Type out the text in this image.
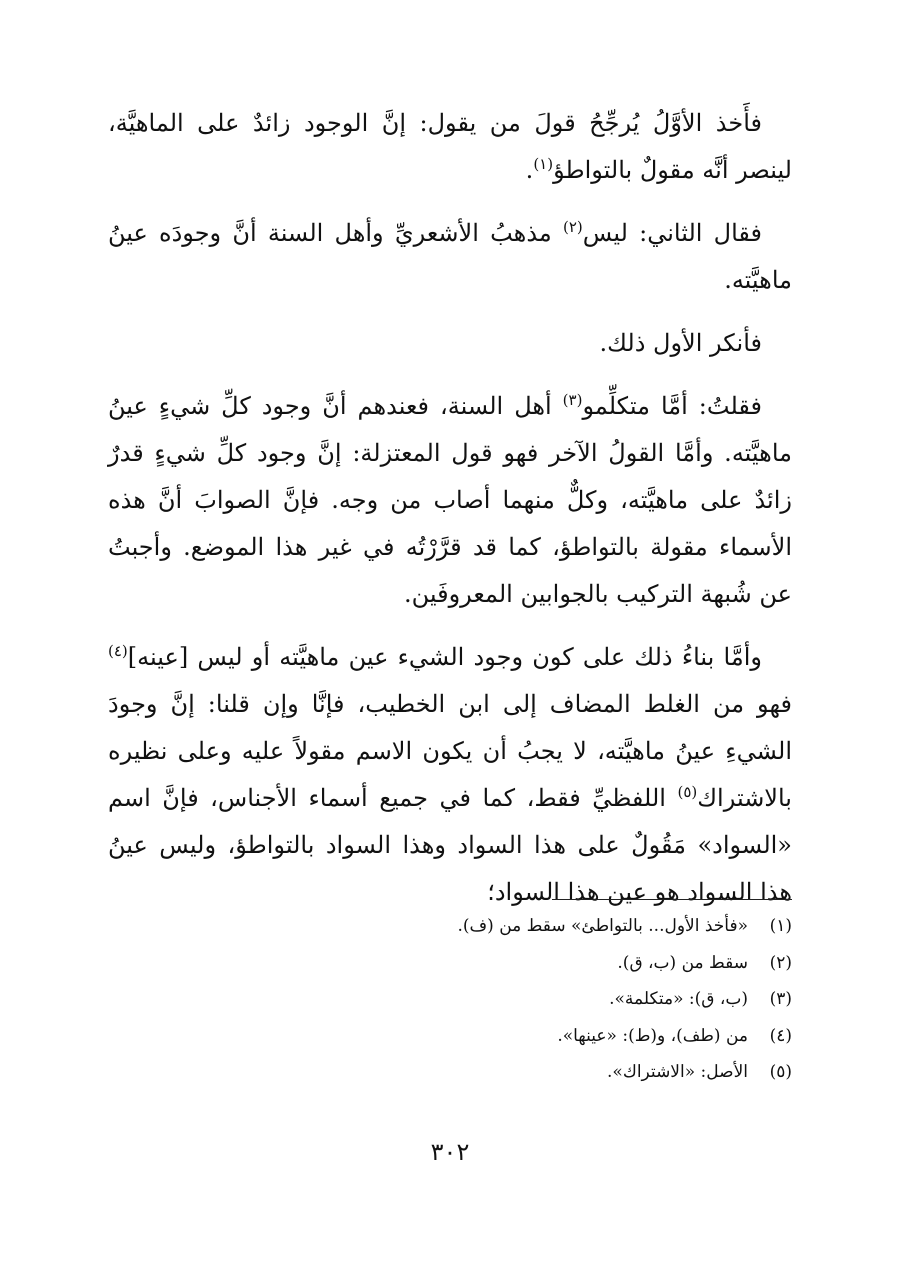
فأَخذ الأوَّلُ يُرجِّحُ قولَ من يقول: إنَّ الوجود زائدٌ على الماهيَّة، لينصر أنَّه مقولٌ بالتواطؤ$^{(١)}$.

فقال الثاني: ليس$^{(٢)}$ مذهبُ الأشعريِّ وأهل السنة أنَّ وجودَه عينُ ماهيَّته.

فأنكر الأول ذلك.

فقلتُ: أمَّا متكلِّمو$^{(٣)}$ أهل السنة، فعندهم أنَّ وجود كلِّ شيءٍ عينُ ماهيَّته. وأمَّا القولُ الآخر فهو قول المعتزلة: إنَّ وجود كلِّ شيءٍ قدرٌ زائدٌ على ماهيَّته، وكلٌّ منهما أصاب من وجه. فإنَّ الصوابَ أنَّ هذه الأسماء مقولة بالتواطؤ، كما قد قرَّرْتُه في غير هذا الموضع. وأجبتُ عن شُبهة التركيب بالجوابين المعروفَين.

وأمَّا بناءُ ذلك على كون وجود الشيء عين ماهيَّته أو ليس [عينه]$^{(٤)}$ فهو من الغلط المضاف إلى ابن الخطيب، فإنَّا وإن قلنا: إنَّ وجودَ الشيءِ عينُ ماهيَّته، لا يجبُ أن يكون الاسم مقولاً عليه وعلى نظيره بالاشتراك$^{(٥)}$ اللفظيِّ فقط، كما في جميع أسماء الأجناس، فإنَّ اسم «السواد» مَقُولٌ على هذا السواد وهذا السواد بالتواطؤ، وليس عينُ هذا السواد هو عين هذا السواد؛

(١)«فأخذ الأول... بالتواطئ» سقط من (ف).
(٢)سقط من (ب، ق).
(٣)(ب، ق): «متكلمة».
(٤)من (طف)، و(ط): «عينها».
(٥)الأصل: «الاشتراك».
٣٠٢
